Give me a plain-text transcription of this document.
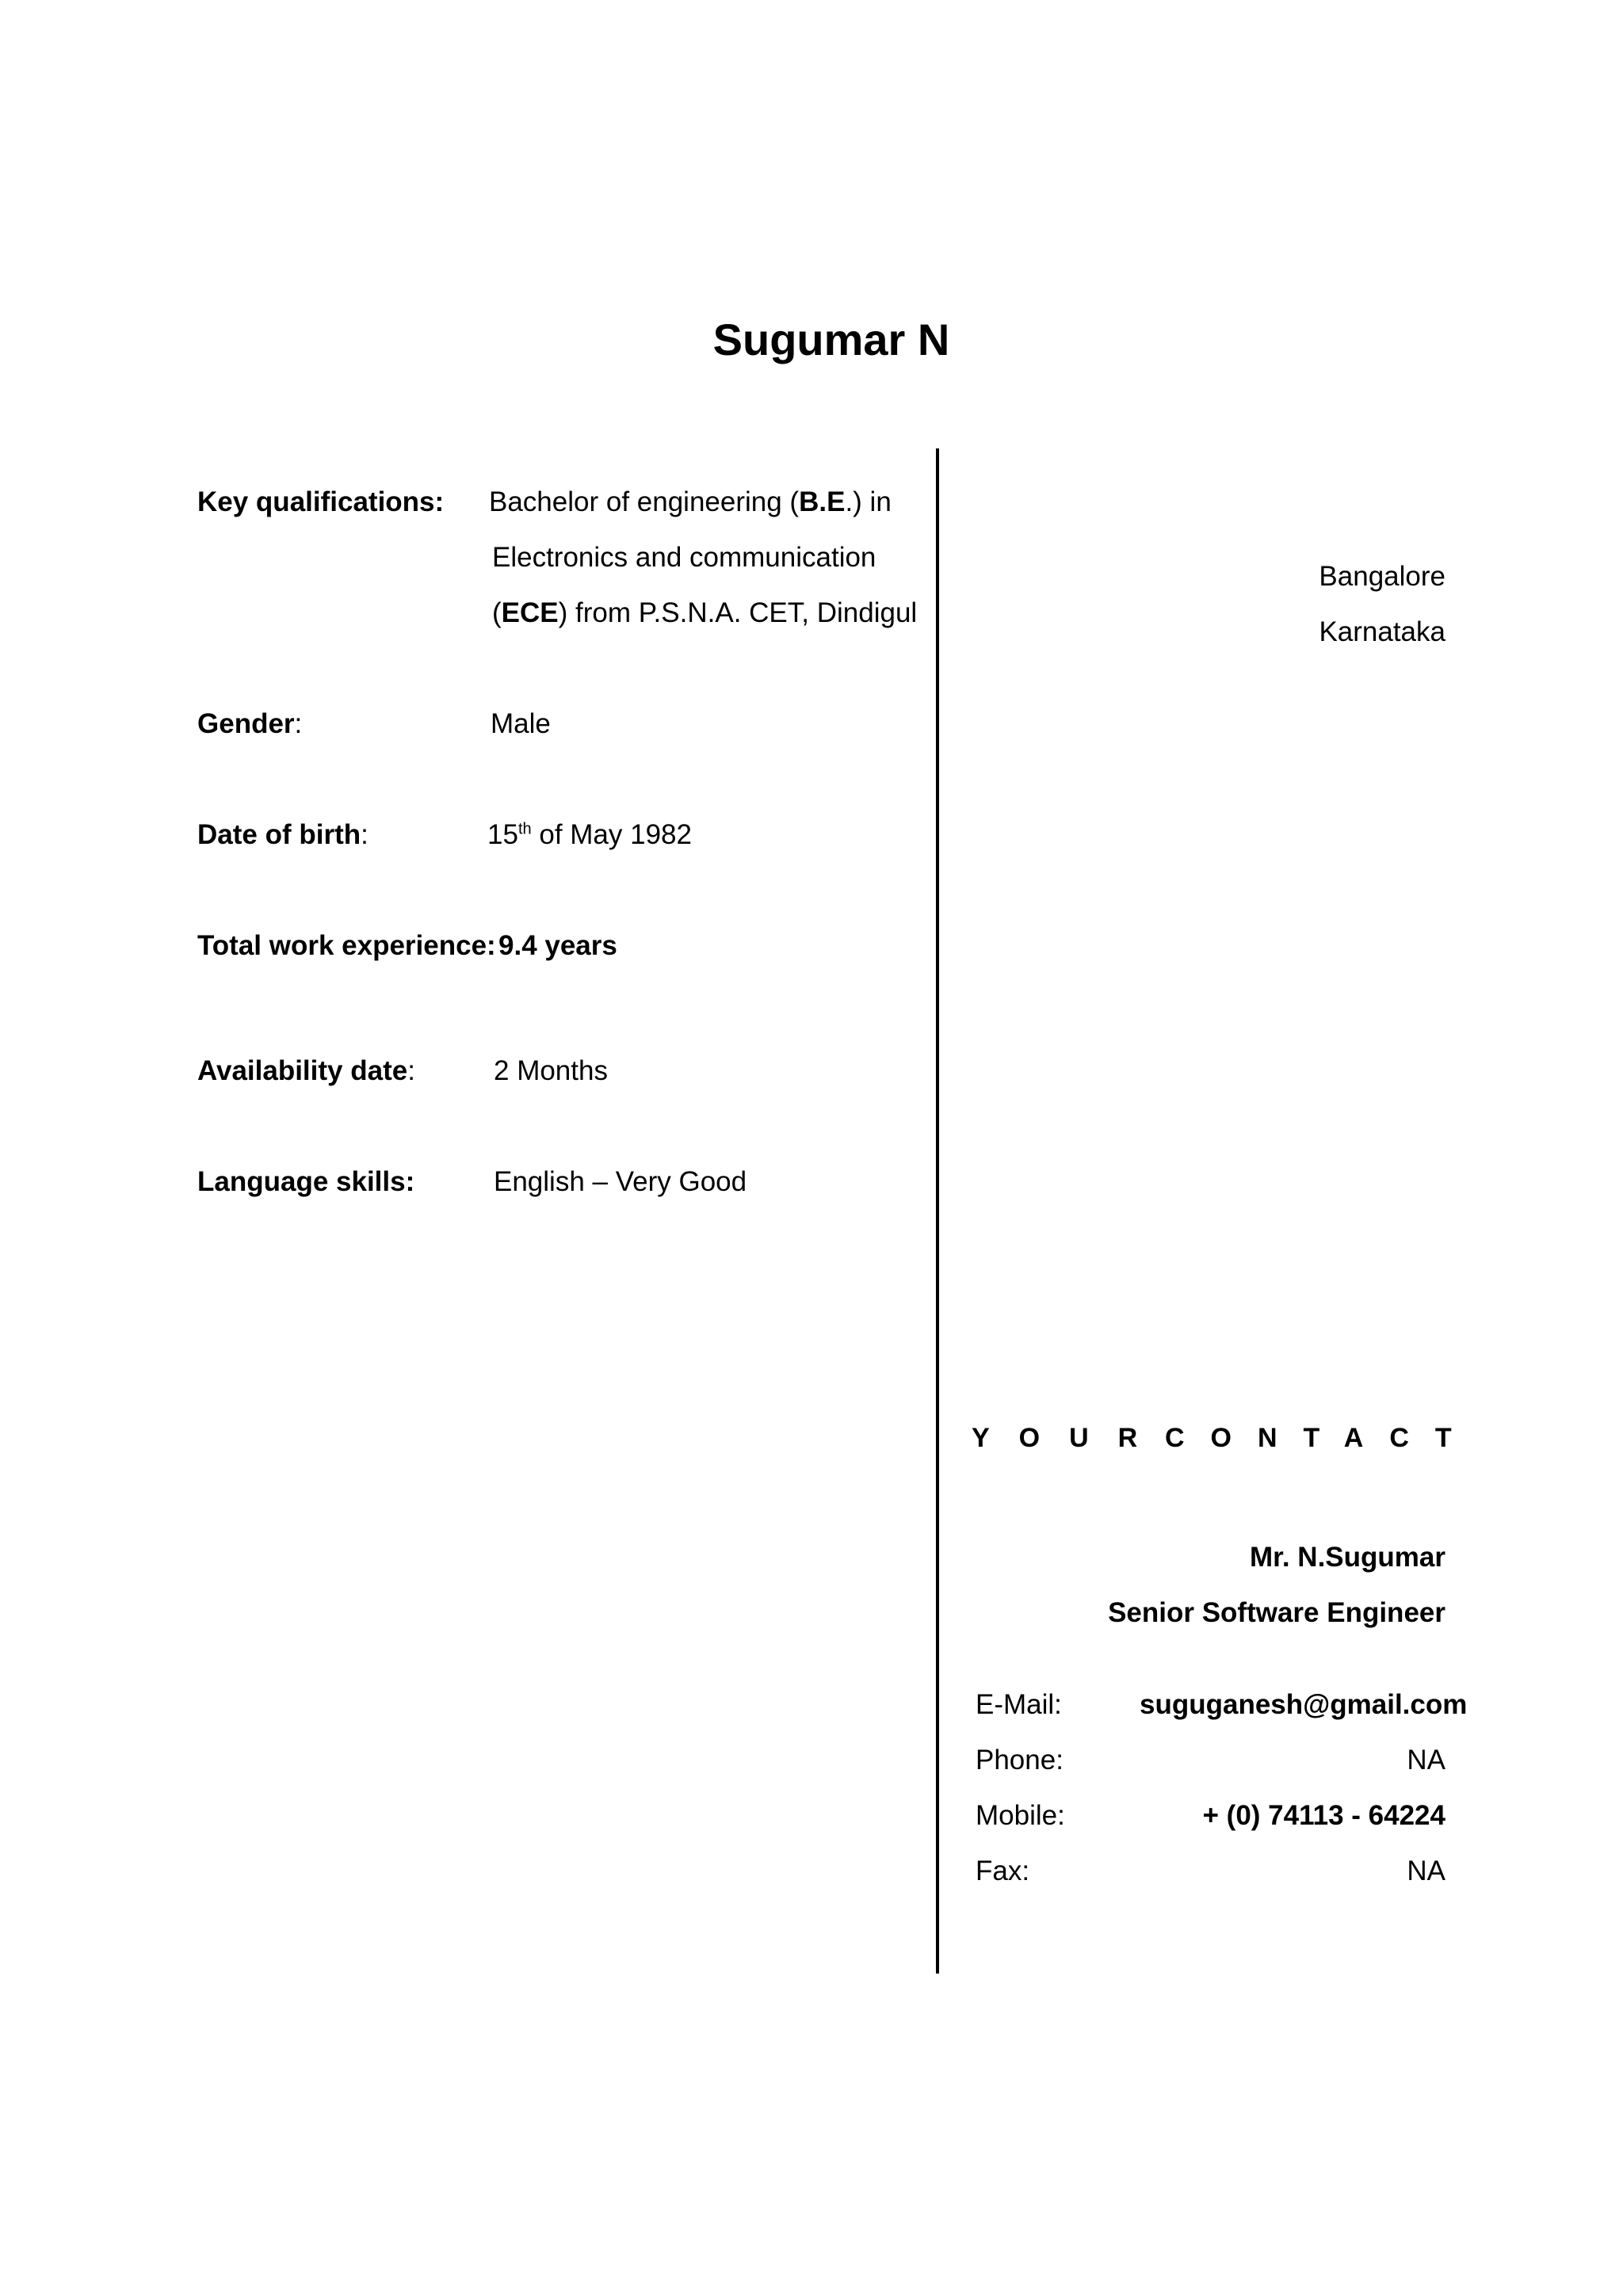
Sugumar N
Key qualifications: Bachelor of engineering (B.E.) in
Electronics and communication
(ECE) from P.S.N.A. CET, Dindigul
Gender:	Male
Date of birth:	15th of May 1982
Total work experience: 9.4 years
Availability date:	2 Months
Language skills:	English – Very Good
Bangalore
Karnataka
YOUR
CONTACT
Mr. N.Sugumar
Senior Software Engineer
E-Mail:	suguganesh@gmail.com
Phone:	NA
Mobile:	+ (0) 74113 - 64224
Fax:	NA
